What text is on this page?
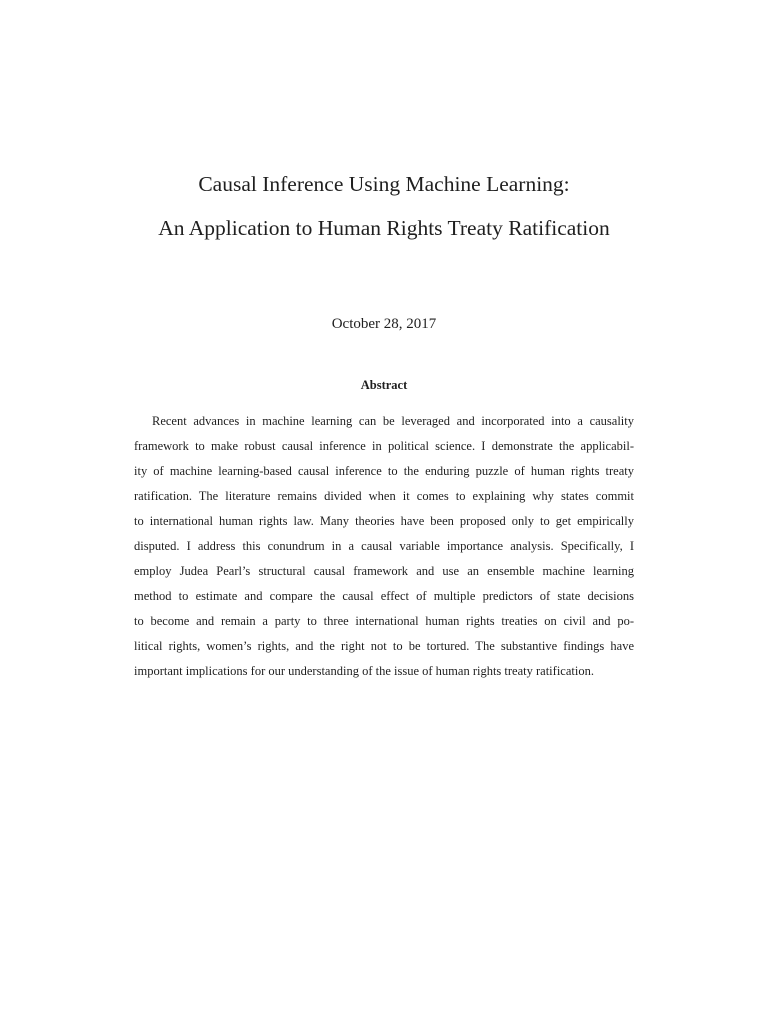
Causal Inference Using Machine Learning:
An Application to Human Rights Treaty Ratification
October 28, 2017
Abstract
Recent advances in machine learning can be leveraged and incorporated into a causality
framework to make robust causal inference in political science. I demonstrate the applicabil-
ity of machine learning-based causal inference to the enduring puzzle of human rights treaty
ratification. The literature remains divided when it comes to explaining why states commit
to international human rights law. Many theories have been proposed only to get empirically
disputed. I address this conundrum in a causal variable importance analysis. Specifically, I
employ Judea Pearl’s structural causal framework and use an ensemble machine learning
method to estimate and compare the causal effect of multiple predictors of state decisions
to become and remain a party to three international human rights treaties on civil and po-
litical rights, women’s rights, and the right not to be tortured. The substantive findings have
important implications for our understanding of the issue of human rights treaty ratification.
